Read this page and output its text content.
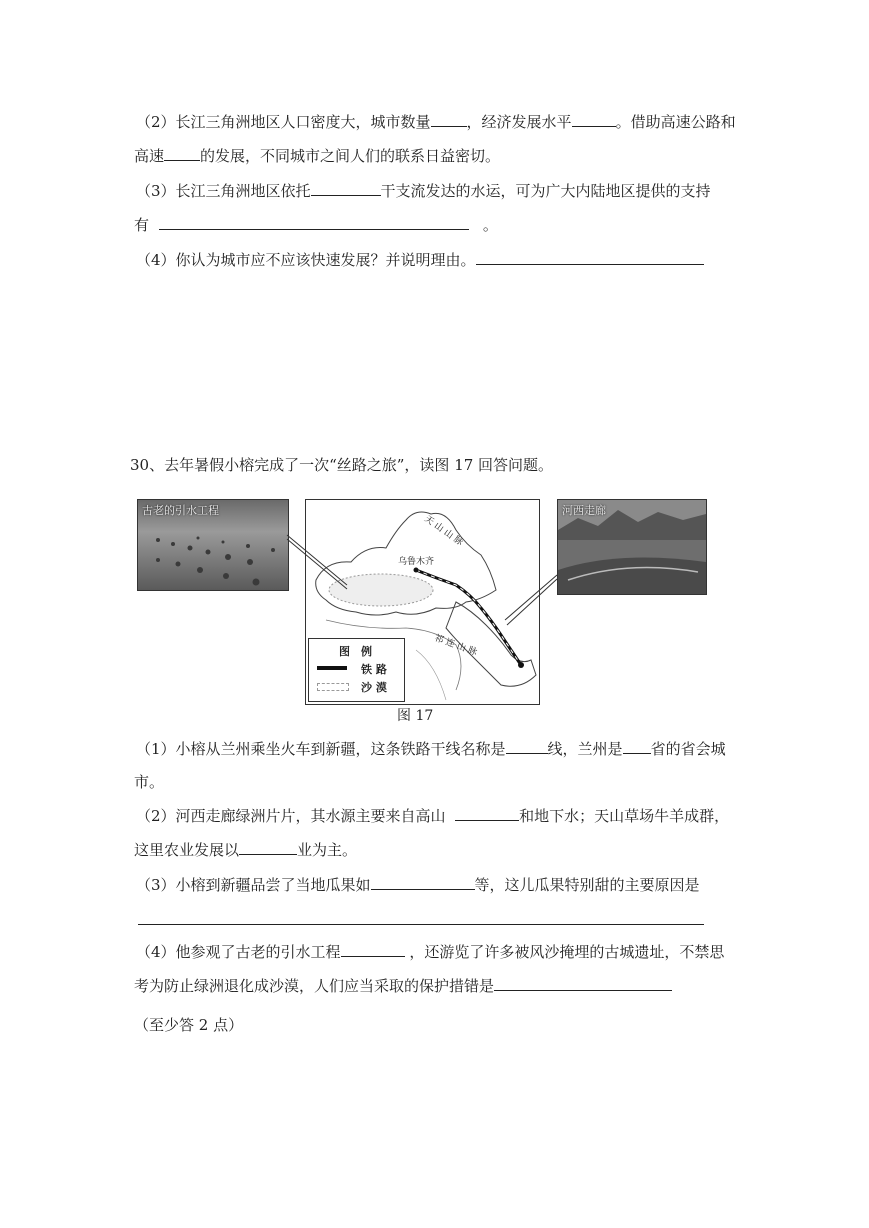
（2）长江三角洲地区人口密度大，城市数量 ，经济发展水平	。借助高速公路和
高速 的发展，不同城市之间人们的联系日益密切。
（3）长江三角洲地区依托	干支流发达的水运，可为广大内陆地区提供的支持
有	。
（4）你认为城市应不应该快速发展？并说明理由。
30、去年暑假小榕完成了一次“丝路之旅”，读图 17 回答问题。
古老的引水工程	河西走廊
乌鲁木齐
天 山 山 脉
祁 连 山 脉
图　例
铁 路
沙 漠
图 17
（1）小榕从兰州乘坐火车到新疆，这条铁路干线名称是	线，兰州是 省的省会城
市。
（2）河西走廊绿洲片片，其水源主要来自高山	和地下水；天山草场牛羊成群，
这里农业发展以	业为主。
（3）小榕到新疆品尝了当地瓜果如	等，这儿瓜果特别甜的主要原因是
（4）他参观了古老的引水工程	，还游览了许多被风沙掩埋的古城遗址，不禁思
考为防止绿洲退化成沙漠，人们应当采取的保护措错是
（至少答 2 点）
